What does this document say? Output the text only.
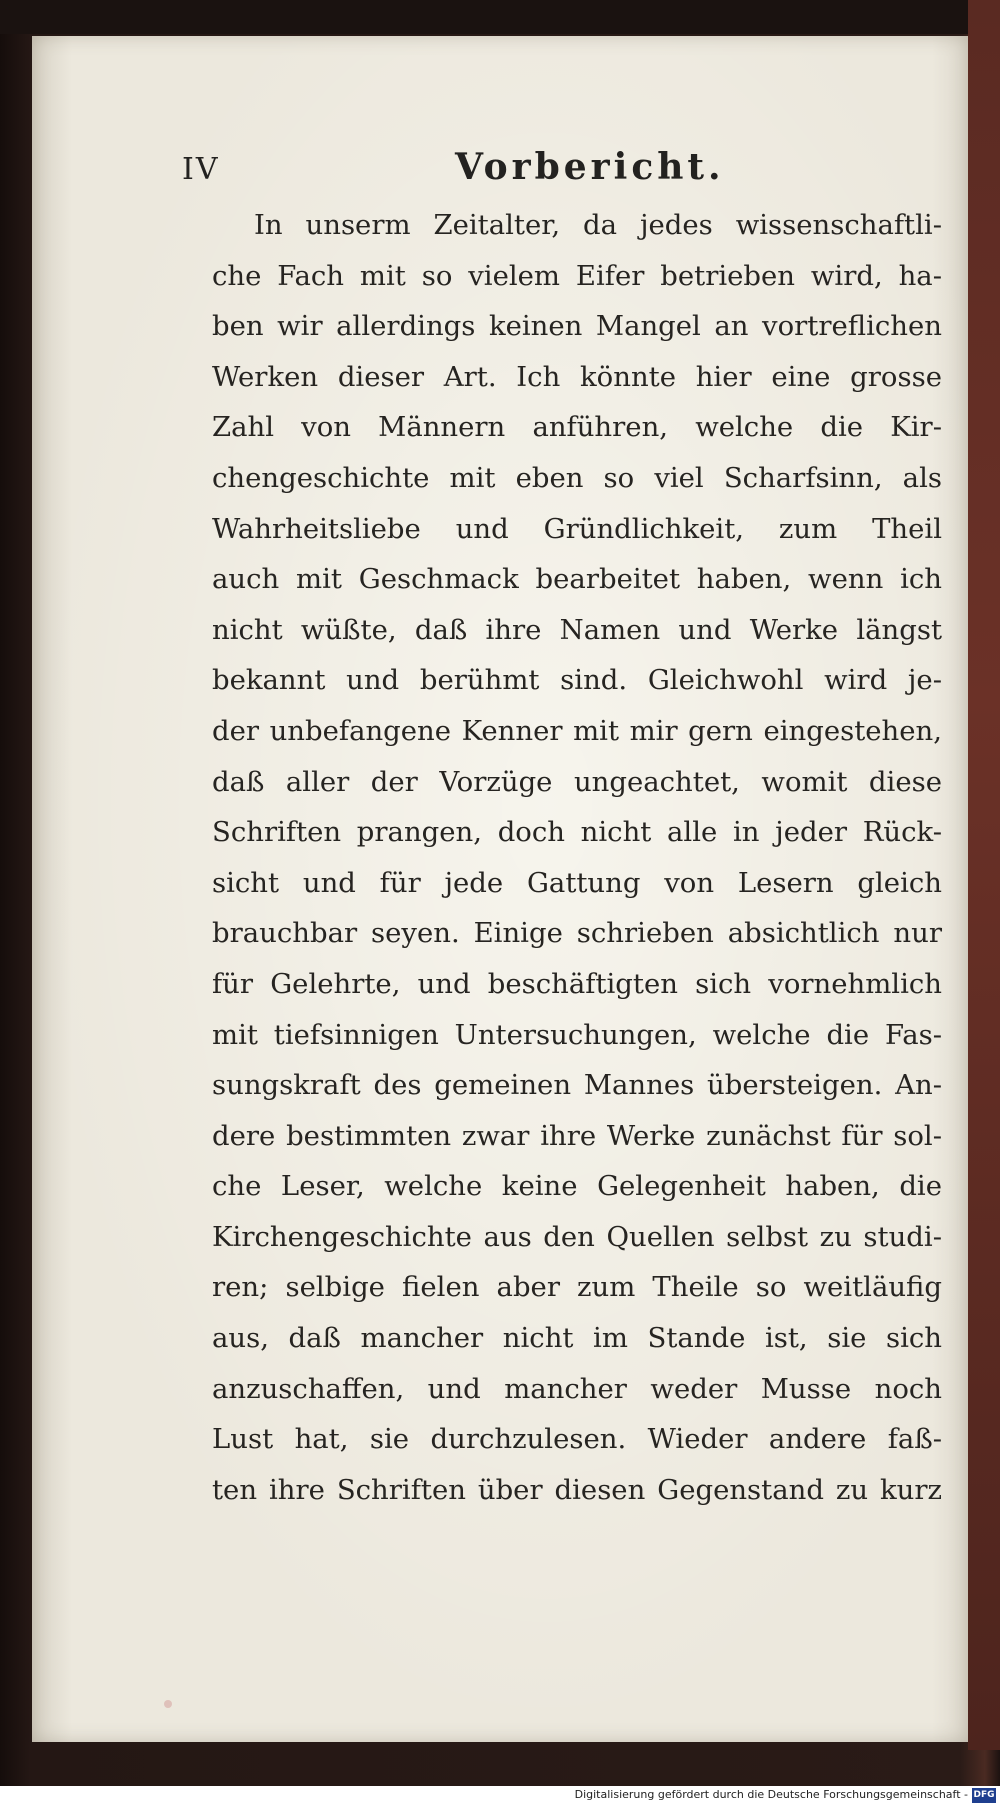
IV	Vorbericht.
In unserm Zeitalter, da jedes wissenschaftli-
che Fach mit so vielem Eifer betrieben wird, ha-
ben wir allerdings keinen Mangel an vortreflichen
Werken dieser Art. Ich könnte hier eine grosse
Zahl von Männern anführen, welche die Kir-
chengeschichte mit eben so viel Scharfsinn, als
Wahrheitsliebe und Gründlichkeit, zum Theil
auch mit Geschmack bearbeitet haben, wenn ich
nicht wüßte, daß ihre Namen und Werke längst
bekannt und berühmt sind. Gleichwohl wird je-
der unbefangene Kenner mit mir gern eingestehen,
daß aller der Vorzüge ungeachtet, womit diese
Schriften prangen, doch nicht alle in jeder Rück-
sicht und für jede Gattung von Lesern gleich
brauchbar seyen. Einige schrieben absichtlich nur
für Gelehrte, und beschäftigten sich vornehmlich
mit tiefsinnigen Untersuchungen, welche die Fas-
sungskraft des gemeinen Mannes übersteigen. An-
dere bestimmten zwar ihre Werke zunächst für sol-
che Leser, welche keine Gelegenheit haben, die
Kirchengeschichte aus den Quellen selbst zu studi-
ren; selbige fielen aber zum Theile so weitläufig
aus, daß mancher nicht im Stande ist, sie sich
anzuschaffen, und mancher weder Musse noch
Lust hat, sie durchzulesen. Wieder andere faß-
ten ihre Schriften über diesen Gegenstand zu kurz
Digitalisierung gefördert durch die Deutsche Forschungsgemeinschaft - DFG
